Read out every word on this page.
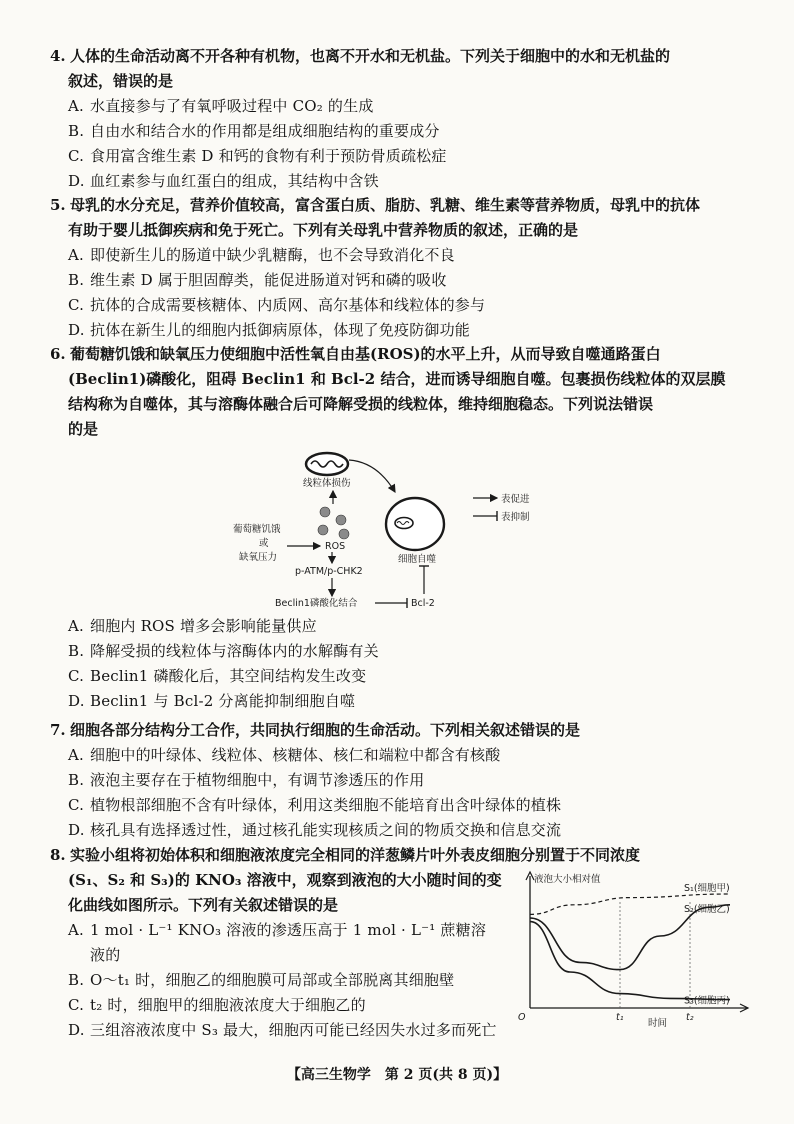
4. 人体的生命活动离不开各种有机物，也离不开水和无机盐。下列关于细胞中的水和无机盐的

叙述，错误的是

A. 水直接参与了有氧呼吸过程中 CO₂ 的生成

B. 自由水和结合水的作用都是组成细胞结构的重要成分

C. 食用富含维生素 D 和钙的食物有利于预防骨质疏松症

D. 血红素参与血红蛋白的组成，其结构中含铁

5. 母乳的水分充足，营养价值较高，富含蛋白质、脂肪、乳糖、维生素等营养物质，母乳中的抗体

有助于婴儿抵御疾病和免于死亡。下列有关母乳中营养物质的叙述，正确的是

A. 即使新生儿的肠道中缺少乳糖酶，也不会导致消化不良

B. 维生素 D 属于胆固醇类，能促进肠道对钙和磷的吸收

C. 抗体的合成需要核糖体、内质网、高尔基体和线粒体的参与

D. 抗体在新生儿的细胞内抵御病原体，体现了免疫防御功能

6. 葡萄糖饥饿和缺氧压力使细胞中活性氧自由基(ROS)的水平上升，从而导致自噬通路蛋白

(Beclin1)磷酸化，阻碍 Beclin1 和 Bcl-2 结合，进而诱导细胞自噬。包裹损伤线粒体的双层膜

结构称为自噬体，其与溶酶体融合后可降解受损的线粒体，维持细胞稳态。下列说法错误

的是

线粒体损伤
细胞自噬
葡萄糖饥饿
或
缺氧压力
ROS
p-ATM/p-CHK2
Beclin1磷酸化结合	Bcl-2
表促进
表抑制

A. 细胞内 ROS 增多会影响能量供应

B. 降解受损的线粒体与溶酶体内的水解酶有关

C. Beclin1 磷酸化后，其空间结构发生改变

D. Beclin1 与 Bcl-2 分离能抑制细胞自噬

7. 细胞各部分结构分工合作，共同执行细胞的生命活动。下列相关叙述错误的是

A. 细胞中的叶绿体、线粒体、核糖体、核仁和端粒中都含有核酸

B. 液泡主要存在于植物细胞中，有调节渗透压的作用

C. 植物根部细胞不含有叶绿体，利用这类细胞不能培育出含叶绿体的植株

D. 核孔具有选择透过性，通过核孔能实现核质之间的物质交换和信息交流

8. 实验小组将初始体积和细胞液浓度完全相同的洋葱鳞片叶外表皮细胞分别置于不同浓度

(S₁、S₂ 和 S₃)的 KNO₃ 溶液中，观察到液泡的大小随时间的变

化曲线如图所示。下列有关叙述错误的是

A. 1 mol · L⁻¹ KNO₃ 溶液的渗透压高于 1 mol · L⁻¹ 蔗糖溶

液的

B. O～t₁ 时，细胞乙的细胞膜可局部或全部脱离其细胞壁

C. t₂ 时，细胞甲的细胞液浓度大于细胞乙的

D. 三组溶液浓度中 S₃ 最大，细胞丙可能已经因失水过多而死亡

液泡大小相对值
时间
O	t₁	t₂
S₁(细胞甲)
S₂(细胞乙)
S₃(细胞丙)
【高三生物学　第 2 页(共 8 页)】
